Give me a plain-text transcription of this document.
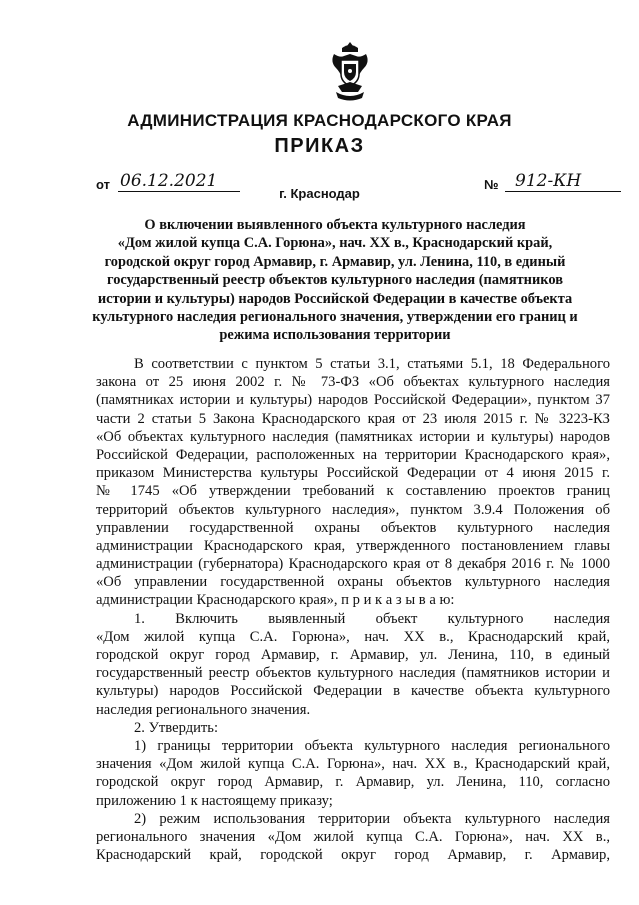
АДМИНИСТРАЦИЯ КРАСНОДАРСКОГО КРАЯ
ПРИКАЗ
от 06.12.2021	№ 912-КН
г. Краснодар
О включении выявленного объекта культурного наследия
«Дом жилой купца С.А. Горюна», нач. XX в., Краснодарский край,
городской округ город Армавир, г. Армавир, ул. Ленина, 110, в единый
государственный реестр объектов культурного наследия (памятников
истории и культуры) народов Российской Федерации в качестве объекта
культурного наследия регионального значения, утверждении его границ и
режима использования территории
В соответствии с пунктом 5 статьи 3.1, статьями 5.1, 18 Федерального
закона от 25 июня 2002 г. № 73-ФЗ «Об объектах культурного наследия
(памятниках истории и культуры) народов Российской Федерации», пунктом 37
части 2 статьи 5 Закона Краснодарского края от 23 июля 2015 г. № 3223-КЗ
«Об объектах культурного наследия (памятниках истории и культуры) народов
Российской Федерации, расположенных на территории Краснодарского края»,
приказом Министерства культуры Российской Федерации от 4 июня 2015 г.
№ 1745 «Об утверждении требований к составлению проектов границ
территорий объектов культурного наследия», пунктом 3.9.4 Положения об
управлении государственной охраны объектов культурного наследия
администрации Краснодарского края, утвержденного постановлением главы
администрации (губернатора) Краснодарского края от 8 декабря 2016 г. № 1000
«Об управлении государственной охраны объектов культурного наследия
администрации Краснодарского края», п р и к а з ы в а ю:
1. Включить выявленный объект культурного наследия
«Дом жилой купца С.А. Горюна», нач. XX в., Краснодарский край,
городской округ город Армавир, г. Армавир, ул. Ленина, 110, в единый
государственный реестр объектов культурного наследия (памятников истории и
культуры) народов Российской Федерации в качестве объекта культурного
наследия регионального значения.
2. Утвердить:
1) границы территории объекта культурного наследия регионального
значения «Дом жилой купца С.А. Горюна», нач. XX в., Краснодарский край,
городской округ город Армавир, г. Армавир, ул. Ленина, 110, согласно
приложению 1 к настоящему приказу;
2) режим использования территории объекта культурного наследия
регионального значения «Дом жилой купца С.А. Горюна», нач. XX в.,
Краснодарский край, городской округ город Армавир, г. Армавир,
